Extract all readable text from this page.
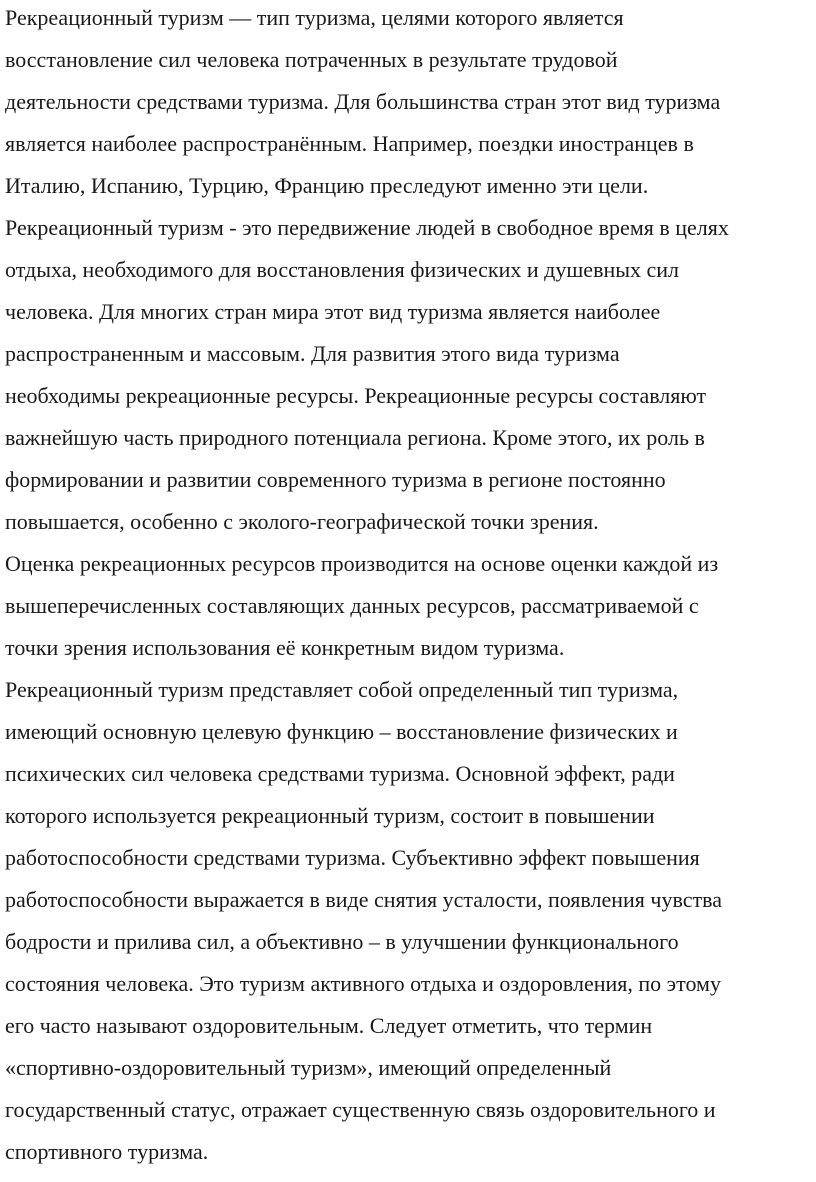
Рекреационный туризм — тип туризма, целями которого является

восстановление сил человека потраченных в результате трудовой

деятельности средствами туризма. Для большинства стран этот вид туризма

является наиболее распространённым. Например, поездки иностранцев в

Италию, Испанию, Турцию, Францию преследуют именно эти цели.

Рекреационный туризм - это передвижение людей в свободное время в целях

отдыха, необходимого для восстановления физических и душевных сил

человека. Для многих стран мира этот вид туризма является наиболее

распространенным и массовым. Для развития этого вида туризма

необходимы рекреационные ресурсы. Рекреационные ресурсы составляют

важнейшую часть природного потенциала региона. Кроме этого, их роль в

формировании и развитии современного туризма в регионе постоянно

повышается, особенно с эколого-географической точки зрения.

Оценка рекреационных ресурсов производится на основе оценки каждой из

вышеперечисленных составляющих данных ресурсов, рассматриваемой с

точки зрения использования её конкретным видом туризма.

Рекреационный туризм представляет собой определенный тип туризма,

имеющий основную целевую функцию – восстановление физических и

психических сил человека средствами туризма. Основной эффект, ради

которого используется рекреационный туризм, состоит в повышении

работоспособности средствами туризма. Субъективно эффект повышения

работоспособности выражается в виде снятия усталости, появления чувства

бодрости и прилива сил, а объективно – в улучшении функционального

состояния человека. Это туризм активного отдыха и оздоровления, по этому

его часто называют оздоровительным. Следует отметить, что термин

«спортивно-оздоровительный туризм», имеющий определенный

государственный статус, отражает существенную связь оздоровительного и

спортивного туризма.
